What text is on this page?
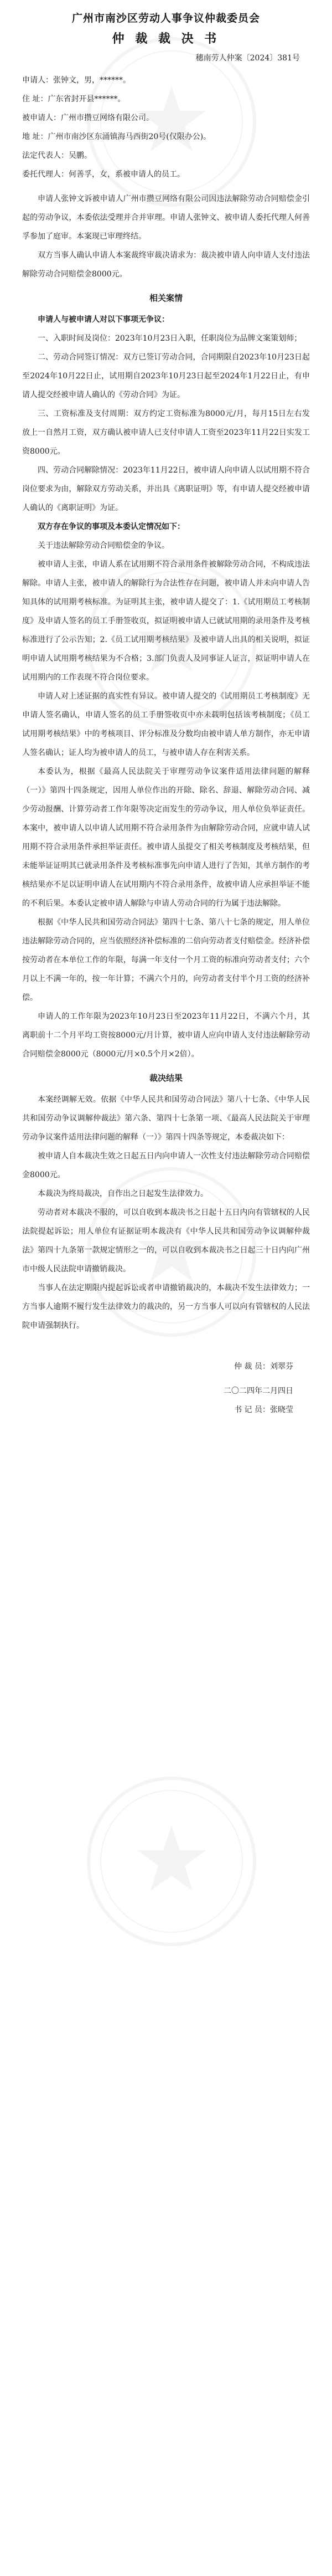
广州市南沙区劳动人事争议仲裁委员会
仲 裁 裁 决 书

穗南劳人仲案〔2024〕381号

申请人：张钟文，男，******。

住 址：广东省封开县******。

被申请人：广州市攒豆网络有限公司。

地 址：广州市南沙区东涌镇海马西街20号(仅限办公)。

法定代表人：吴鹏。

委托代理人：何善孚，女，系被申请人的员工。

申请人张钟文诉被申请人广州市攒豆网络有限公司因违法解除劳动合同赔偿金引起的劳动争议，本委依法受理并合并审理。申请人张钟文、被申请人委托代理人何善孚参加了庭审。本案现已审理终结。

双方当事人确认申请人本案裁终审裁决请求为：裁决被申请人向申请人支付违法解除劳动合同赔偿金8000元。

相关案情

申请人与被申请人对以下事项无争议：

一、入职时间及岗位：2023年10月23日入职，任职岗位为品牌文案策划师；

二、劳动合同签订情况：双方已签订劳动合同，合同期限自2023年10月23日起至2024年10月22日止，试用期自2023年10月23日起至2024年1月22日止，有申请人提交经被申请人确认的《劳动合同》为证。

三、工资标准及支付周期：双方约定工资标准为8000元/月，每月15日左右发放上一自然月工资，双方确认被申请人已支付申请人工资至2023年11月22日实发工资8000元。

四、劳动合同解除情况：2023年11月22日，被申请人向申请人以试用期不符合岗位要求为由，解除双方劳动关系，并出具《离职证明》等，有申请人提交经被申请人确认的《离职证明》为证。

双方存在争议的事项及本委认定情况如下：

关于违法解除劳动合同赔偿金的争议。

被申请人主张，申请人系在试用期不符合录用条件被解除劳动合同，不构成违法解除。申请人主张，被申请人的解除行为合法性存在问题，被申请人并未向申请人告知具体的试用期考核标准。为证明其主张，被申请人提交了：1.《试用期员工考核制度》及申请人签名的员工手册签收页，拟证明被申请人已就试用期的录用条件及考核标准进行了公示告知；2.《员工试用期考核结果》及被申请人出具的相关说明，拟证明申请人试用期考核结果为不合格；3.部门负责人及同事证人证言，拟证明申请人在试用期内的工作表现不符合岗位要求。

申请人对上述证据的真实性有异议。被申请人提交的《试用期员工考核制度》无申请人签名确认，申请人签名的员工手册签收页中亦未载明包括该考核制度；《员工试用期考核结果》中的考核项目、评分标准及分数均由被申请人单方制作，亦无申请人签名确认；证人均为被申请人的员工，与被申请人存在利害关系。

本委认为，根据《最高人民法院关于审理劳动争议案件适用法律问题的解释（一）》第四十四条规定，因用人单位作出的开除、除名、辞退、解除劳动合同、减少劳动报酬、计算劳动者工作年限等决定而发生的劳动争议，用人单位负举证责任。本案中，被申请人以申请人试用期不符合录用条件为由解除劳动合同，应就申请人试用期不符合录用条件承担举证责任。被申请人虽提交了相关考核制度及考核结果，但未能举证证明其已就录用条件及考核标准事先向申请人进行了告知，其单方制作的考核结果亦不足以证明申请人在试用期内不符合录用条件，故被申请人应承担举证不能的不利后果。本委认定被申请人解除与申请人劳动合同的行为属于违法解除。

根据《中华人民共和国劳动合同法》第四十七条、第八十七条的规定，用人单位违法解除劳动合同的，应当依照经济补偿标准的二倍向劳动者支付赔偿金。经济补偿按劳动者在本单位工作的年限，每满一年支付一个月工资的标准向劳动者支付；六个月以上不满一年的，按一年计算；不满六个月的，向劳动者支付半个月工资的经济补偿。

申请人的工作年限为2023年10月23日至2023年11月22日，不满六个月，其离职前十二个月平均工资按8000元/月计算，被申请人应向申请人支付违法解除劳动合同赔偿金8000元（8000元/月×0.5个月×2倍）。

裁决结果

本案经调解无效。依据《中华人民共和国劳动合同法》第八十七条、《中华人民共和国劳动争议调解仲裁法》第六条、第四十七条第一项、《最高人民法院关于审理劳动争议案件适用法律问题的解释（一）》第四十四条等规定，本委裁决如下：

被申请人自本裁决生效之日起五日内向申请人一次性支付违法解除劳动合同赔偿金8000元。

本裁决为终局裁决，自作出之日起发生法律效力。

劳动者对本裁决不服的，可以自收到本裁决书之日起十五日内向有管辖权的人民法院提起诉讼；用人单位有证据证明本裁决有《中华人民共和国劳动争议调解仲裁法》第四十九条第一款规定情形之一的，可以自收到本裁决书之日起三十日内向广州市中级人民法院申请撤销裁决。

当事人在法定期限内提起诉讼或者申请撤销裁决的，本裁决不发生法律效力；一方当事人逾期不履行发生法律效力的裁决的，另一方当事人可以向有管辖权的人民法院申请强制执行。

仲 裁 员：刘翠芬

二〇二四年二月四日

书 记 员：张晓莹
